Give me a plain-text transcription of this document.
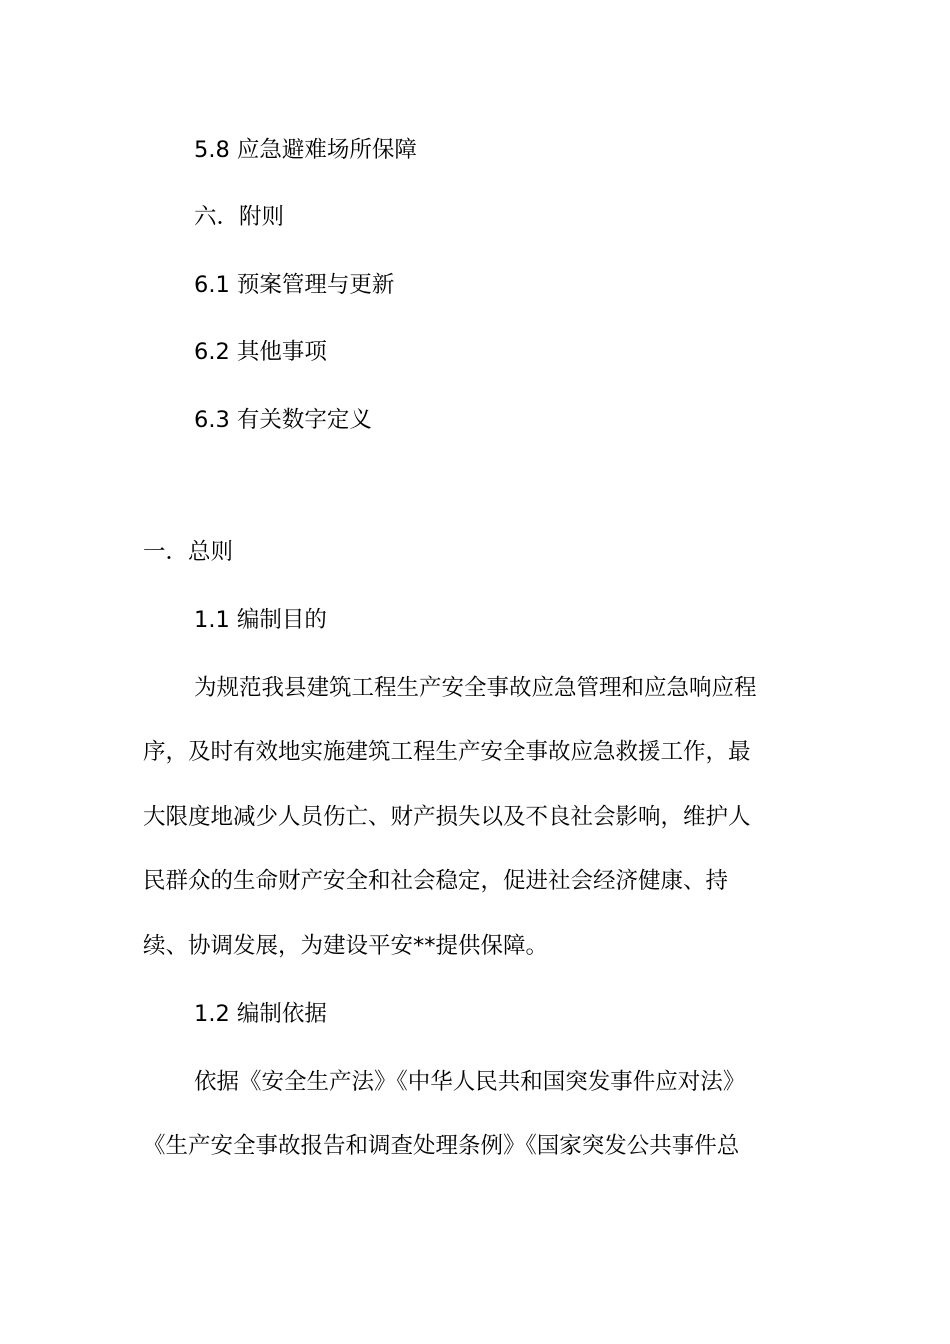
5.8 应急避难场所保障

六．附则

6.1 预案管理与更新

6.2 其他事项

6.3 有关数字定义

一．总则

1.1 编制目的

为规范我县建筑工程生产安全事故应急管理和应急响应程

序，及时有效地实施建筑工程生产安全事故应急救援工作，最

大限度地减少人员伤亡、财产损失以及不良社会影响，维护人

民群众的生命财产安全和社会稳定，促进社会经济健康、持

续、协调发展，为建设平安**提供保障。

1.2 编制依据

依据《安全生产法》《中华人民共和国突发事件应对法》

《生产安全事故报告和调查处理条例》《国家突发公共事件总
